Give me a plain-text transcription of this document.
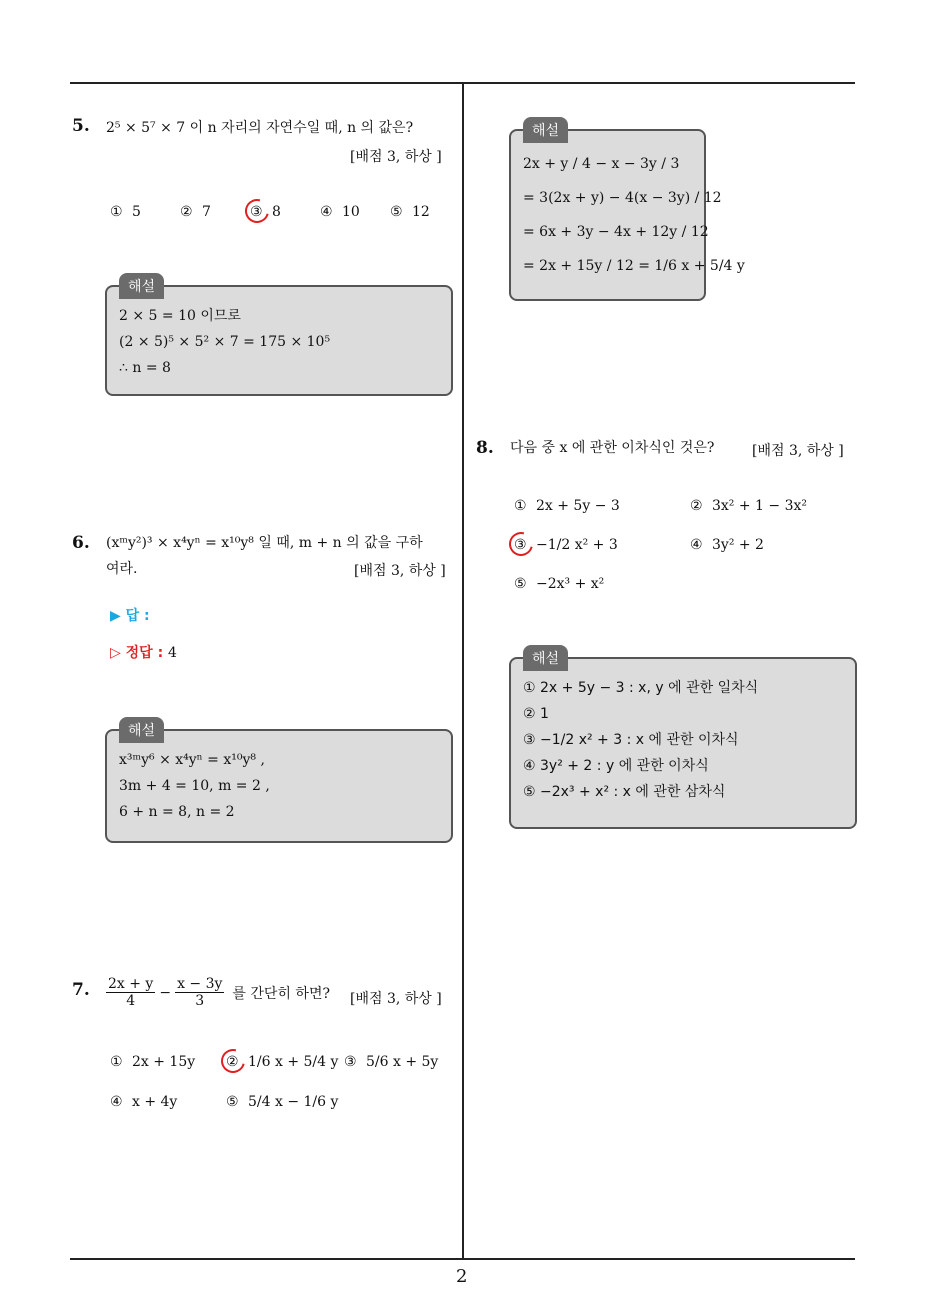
5. 2⁵ × 5⁷ × 7 이 n 자리의 자연수일 때, n 의 값은?
[배점 3, 하상 ]
① 5	② 7	③ 8	④ 10 ⑤ 12
해설
2 × 5 = 10 이므로
(2 × 5)⁵ × 5² × 7 = 175 × 10⁵
∴ n = 8
6. (xᵐy²)³ × x⁴yⁿ = x¹⁰y⁸ 일 때, m + n 의 값을 구하
여라.	[배점 3, 하상 ]
▶ 답 :
▷ 정답 : 4
해설
x³ᵐy⁶ × x⁴yⁿ = x¹⁰y⁸ ,
3m + 4 = 10, m = 2 ,
6 + n = 8, n = 2
7. $\frac{2x + y}{4} - \frac{x - 3y}{3}$ 를 간단히 하면? [배점 3, 하상 ]
① 2x + 15y ② 1/6 x + 5/4 y ③ 5/6 x + 5y
④ x + 4y	⑤ 5/4 x − 1/6 y
해설
2x + y / 4 − x − 3y / 3
= 3(2x + y) − 4(x − 3y) / 12
= 6x + 3y − 4x + 12y / 12
= 2x + 15y / 12 = 1/6 x + 5/4 y
8. 다음 중 x 에 관한 이차식인 것은?	[배점 3, 하상 ]
① 2x + 5y − 3	② 3x² + 1 − 3x²
③ −1/2 x² + 3	④ 3y² + 2
⑤ −2x³ + x²
해설
① 2x + 5y − 3 : x, y 에 관한 일차식
② 1
③ −1/2 x² + 3 : x 에 관한 이차식
④ 3y² + 2 : y 에 관한 이차식
⑤ −2x³ + x² : x 에 관한 삼차식
2
